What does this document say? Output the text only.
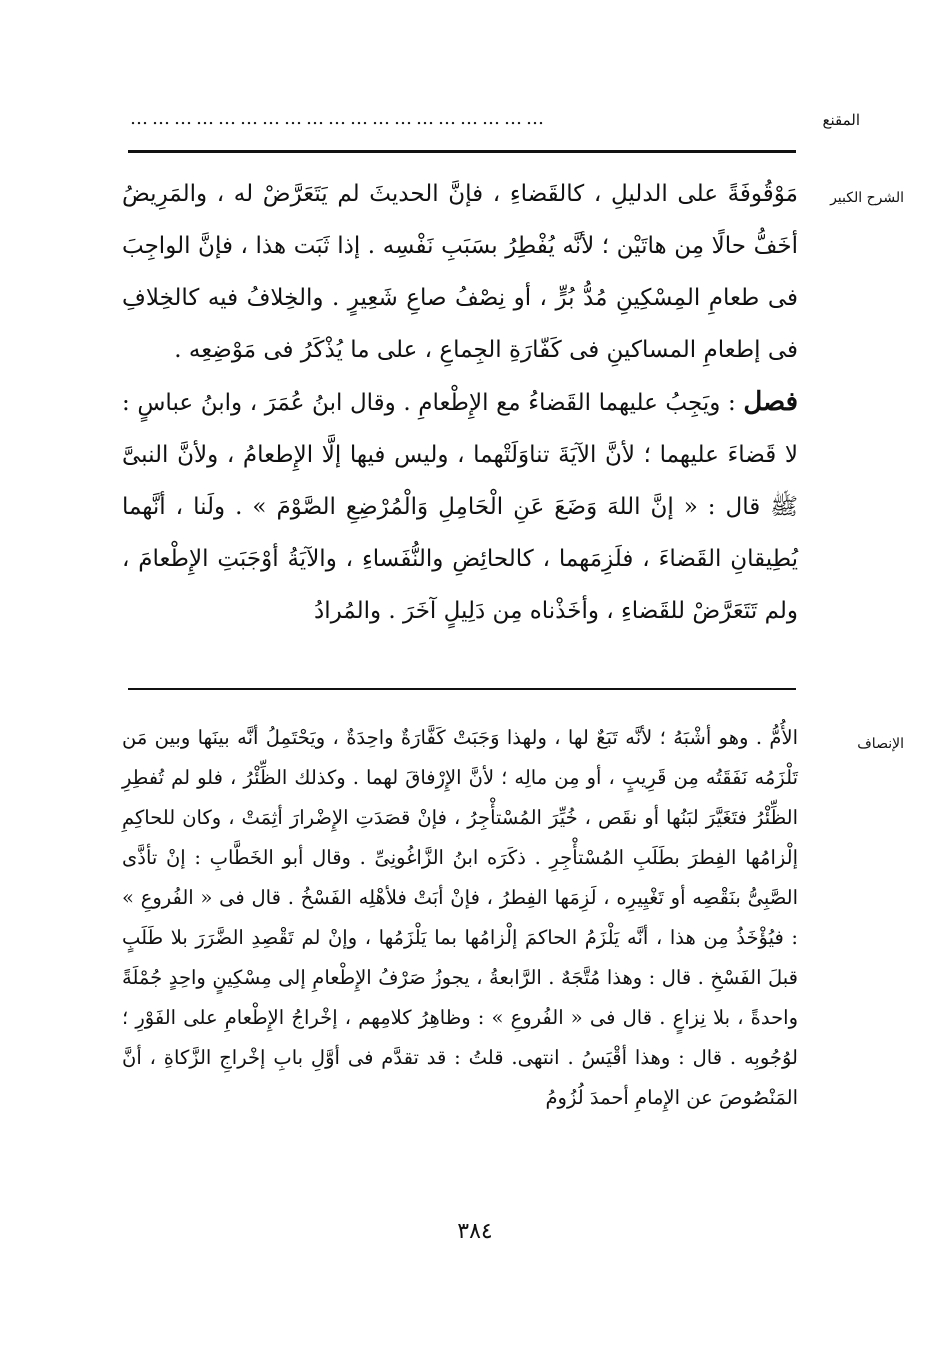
المقنع
…………………………………………………
الشرح الكبير

مَوْقُوفَةً على الدليلِ ، كالقَضاءِ ، فإنَّ الحديثَ لم يَتَعَرَّضْ له ، والمَرِيضُ أخَفُّ حالًا مِن هاتَيْن ؛ لأنَّه يُفْطِرُ بسَبَبِ نَفْسِه . إذا ثَبَت هذا ، فإنَّ الواجِبَ فى طعامِ المِسْكِينِ مُدُّ بُرٍّ ، أو نِصْفُ صاعِ شَعِيرٍ . والخِلافُ فيه كالخِلافِ فى إطعامِ المساكينِ فى كَفّارَةِ الجِماعِ ، على ما يُذْكَرُ فى مَوْضِعِه .

فصل : ويَجِبُ عليهما القَضاءُ مع الإِطْعامِ . وقال ابنُ عُمَرَ ، وابنُ عباسٍ : لا قَضاءَ عليهما ؛ لأنَّ الآيَةَ تناوَلَتْهما ، وليس فيها إلَّا الإِطعامُ ، ولأنَّ النبىَّ ﷺ قال : « إنَّ اللهَ وَضَعَ عَنِ الْحَامِلِ وَالْمُرْضِعِ الصَّوْمَ » . ولَنا ، أنَّهما يُطِيقانِ القَضاءَ ، فلَزِمَهما ، كالحائِضِ والنُّفَساءِ ، والآيَةُ أوْجَبَتِ الإِطْعامَ ، ولم تَتَعَرَّضْ للقَضاءِ ، وأخَذْناه مِن دَلِيلٍ آخَرَ . والمُرادُ

الإنصاف

الأُمُّ . وهو أشْبَهُ ؛ لأنَّه تَبَعٌ لها ، ولهذا وَجَبَتْ كَفَّارَةٌ واحِدَةٌ ، ويَحْتَمِلُ أنَّه بينَها وبين مَن تَلْزَمُه نَفَقَتُه مِن قَرِيبٍ ، أو مِن مالِه ؛ لأنَّ الإِرْفاقَ لهما . وكذلك الظِّئْرُ ، فلو لم تُفطِرِ الظِّئْرُ فتَغَيَّرَ لبَنُها أو نقَص ، خُيِّرَ المُسْتأْجِرُ ، فإنْ قصَدَتِ الإِضْرارَ أثِمَتْ ، وكان للحاكِمِ إلْزامُها الفِطرَ بطَلَبِ المُسْتأْجِرِ . ذكَرَه ابنُ الزَّاغُونِىِّ . وقال أبو الخَطَّابِ : إنْ تأذَّى الصَّبِىُّ بنَقْصِه أو تَغْيِيرِه ، لَزِمَها الفِطرُ ، فإنْ أبَتْ فلأهْلِه الفَسْخُ . قال فى « الفُروعِ » : فيُؤْخَذُ مِن هذا ، أنَّه يَلْزَمُ الحاكمَ إلْزامُها بما يَلْزَمُها ، وإنْ لم تَقْصِدِ الضَّرَرَ بلا طَلَبٍ قبلَ الفَسْخِ . قال : وهذا مُتَّجَهٌ . الرَّابعةُ ، يجوزُ صَرْفُ الإِطْعامِ إلى مِسْكِينٍ واحِدٍ جُمْلَةً واحدةً ، بلا نِزاعٍ . قال فى « الفُروعِ » : وظاهِرُ كلامِهم ، إخْراجُ الإِطْعامِ على الفَوْرِ ؛ لوُجُوبِه . قال : وهذا أقْيَسُ . انتهى. قلتُ : قد تقدَّم فى أوَّلِ بابِ إخْراجِ الزَّكاةِ ، أنَّ المَنْصُوصَ عن الإِمامِ أحمدَ لُزُومُ

٣٨٤
